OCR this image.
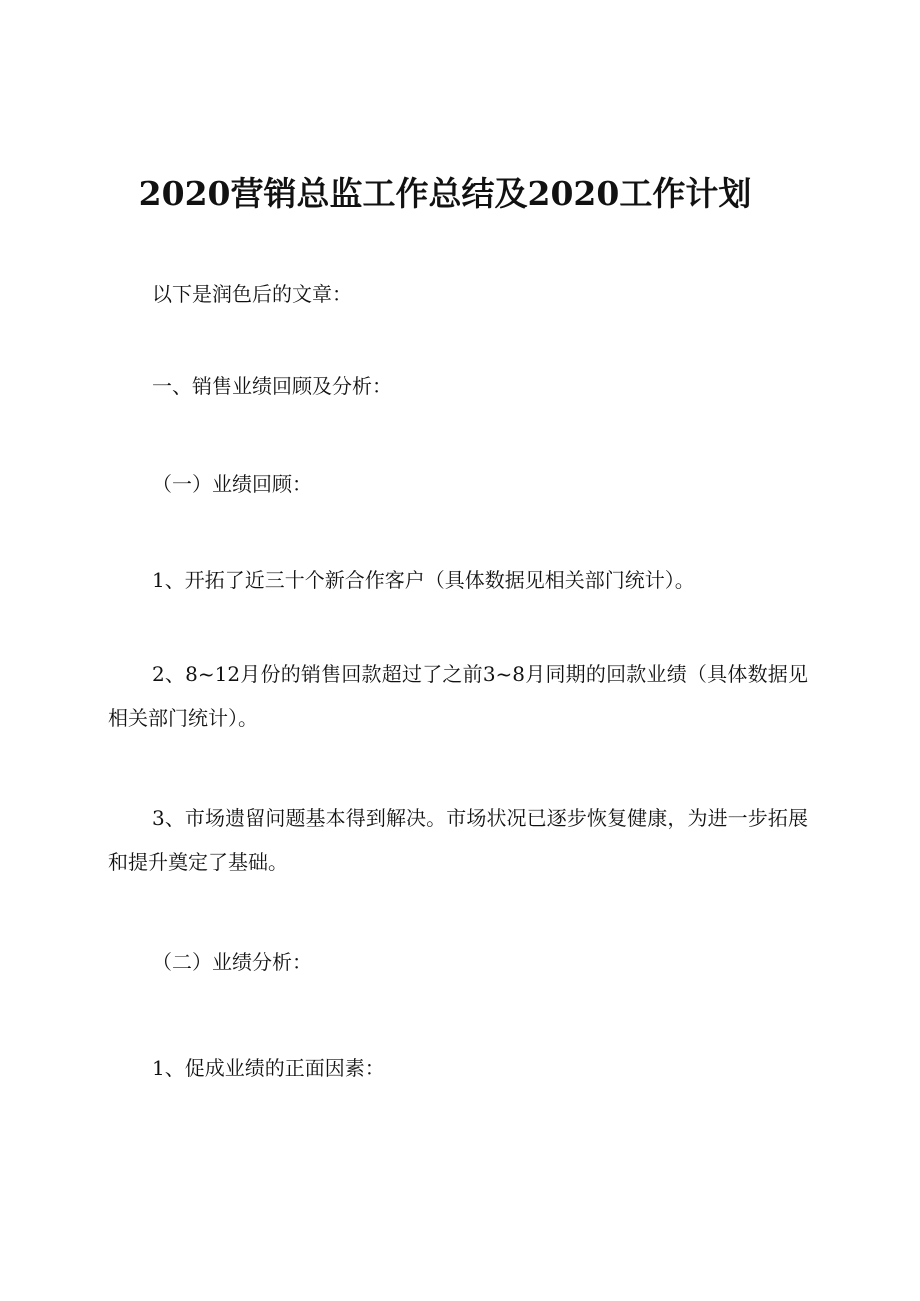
2020营销总监工作总结及2020工作计划

以下是润色后的文章：

一、销售业绩回顾及分析：

（一）业绩回顾：

1、开拓了近三十个新合作客户（具体数据见相关部门统计）。

2、8~12月份的销售回款超过了之前3~8月同期的回款业绩（具体数据见相关部门统计）。

3、市场遗留问题基本得到解决。市场状况已逐步恢复健康，为进一步拓展和提升奠定了基础。

（二）业绩分析：

1、促成业绩的正面因素：
